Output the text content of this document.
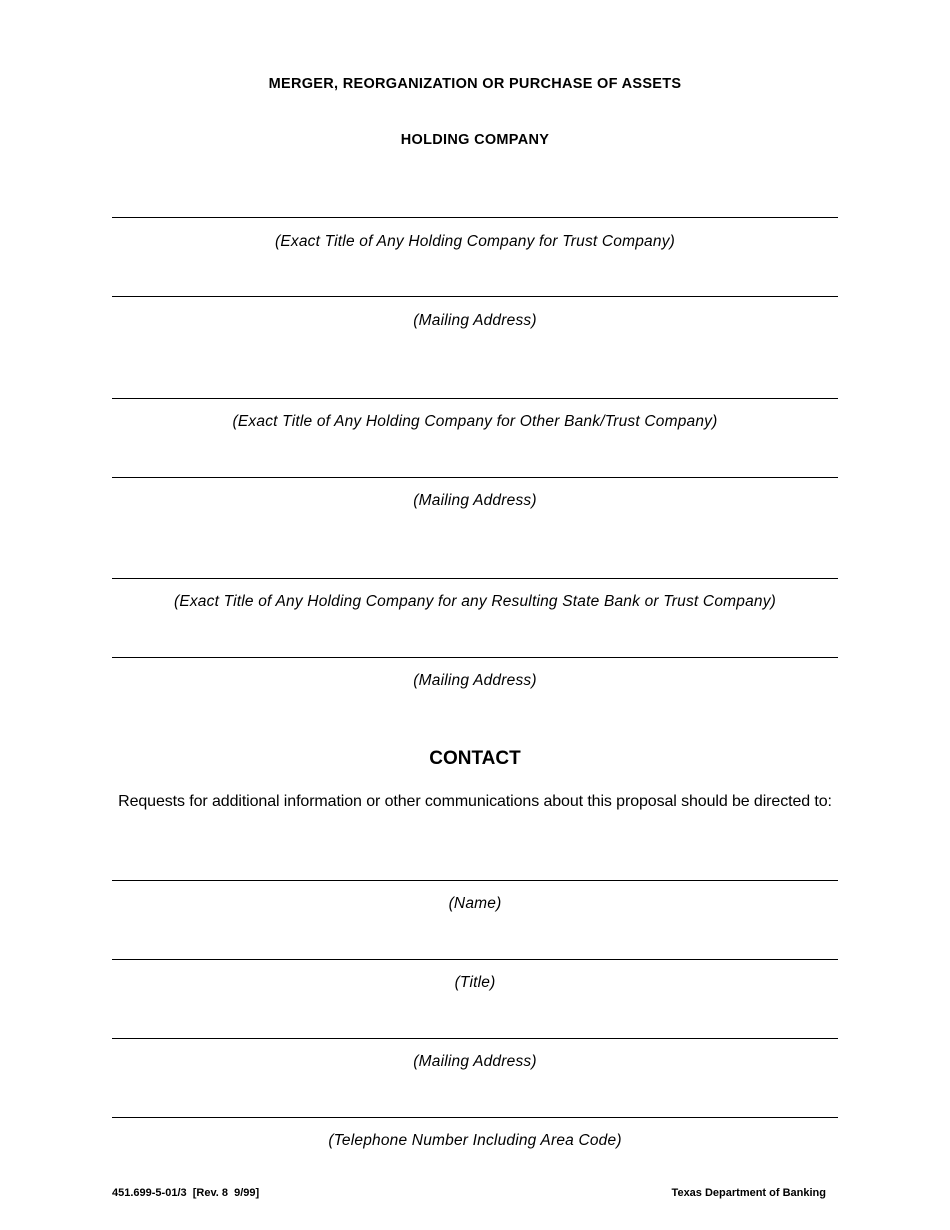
MERGER, REORGANIZATION OR PURCHASE OF ASSETS
HOLDING COMPANY
(Exact Title of Any Holding Company for Trust Company)
(Mailing Address)
(Exact Title of Any Holding Company for Other Bank/Trust Company)
(Mailing Address)
(Exact Title of Any Holding Company for any Resulting State Bank or Trust Company)
(Mailing Address)
CONTACT
Requests for additional information or other communications about this proposal should be directed to:
(Name)
(Title)
(Mailing Address)
(Telephone Number Including Area Code)
451.699-5-01/3  [Rev. 8  9/99]	Texas Department of Banking
